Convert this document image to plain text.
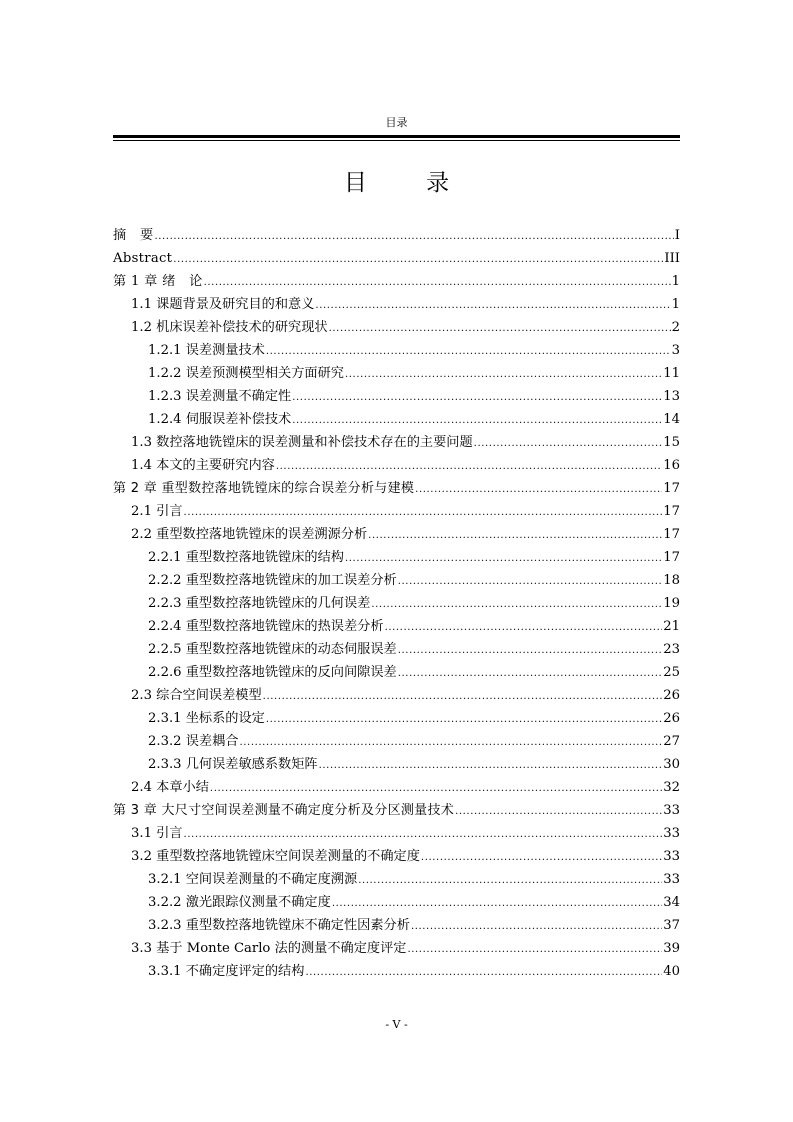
目录
目 录
摘　要 .....	I
Abstract .....	III
第 1 章 绪　论 .....	1
1.1 课题背景及研究目的和意义 .....	1
1.2 机床误差补偿技术的研究现状 .....	2
1.2.1 误差测量技术 .....	3
1.2.2 误差预测模型相关方面研究 .....	11
1.2.3 误差测量不确定性 .....	13
1.2.4 伺服误差补偿技术 .....	14
1.3 数控落地铣镗床的误差测量和补偿技术存在的主要问题 .....	15
1.4 本文的主要研究内容 .....	16
第 2 章 重型数控落地铣镗床的综合误差分析与建模 .....	17
2.1 引言 .....	17
2.2 重型数控落地铣镗床的误差溯源分析 .....	17
2.2.1 重型数控落地铣镗床的结构 .....	17
2.2.2 重型数控落地铣镗床的加工误差分析 .....	18
2.2.3 重型数控落地铣镗床的几何误差 .....	19
2.2.4 重型数控落地铣镗床的热误差分析 .....	21
2.2.5 重型数控落地铣镗床的动态伺服误差 .....	23
2.2.6 重型数控落地铣镗床的反向间隙误差 .....	25
2.3 综合空间误差模型 .....	26
2.3.1 坐标系的设定 .....	26
2.3.2 误差耦合 .....	27
2.3.3 几何误差敏感系数矩阵 .....	30
2.4 本章小结 .....	32
第 3 章 大尺寸空间误差测量不确定度分析及分区测量技术 .....	33
3.1 引言 .....	33
3.2 重型数控落地铣镗床空间误差测量的不确定度 .....	33
3.2.1 空间误差测量的不确定度溯源 .....	33
3.2.2 激光跟踪仪测量不确定度 .....	34
3.2.3 重型数控落地铣镗床不确定性因素分析 .....	37
3.3 基于 Monte Carlo 法的测量不确定度评定 .....	39
3.3.1 不确定度评定的结构 .....	40
- V -
